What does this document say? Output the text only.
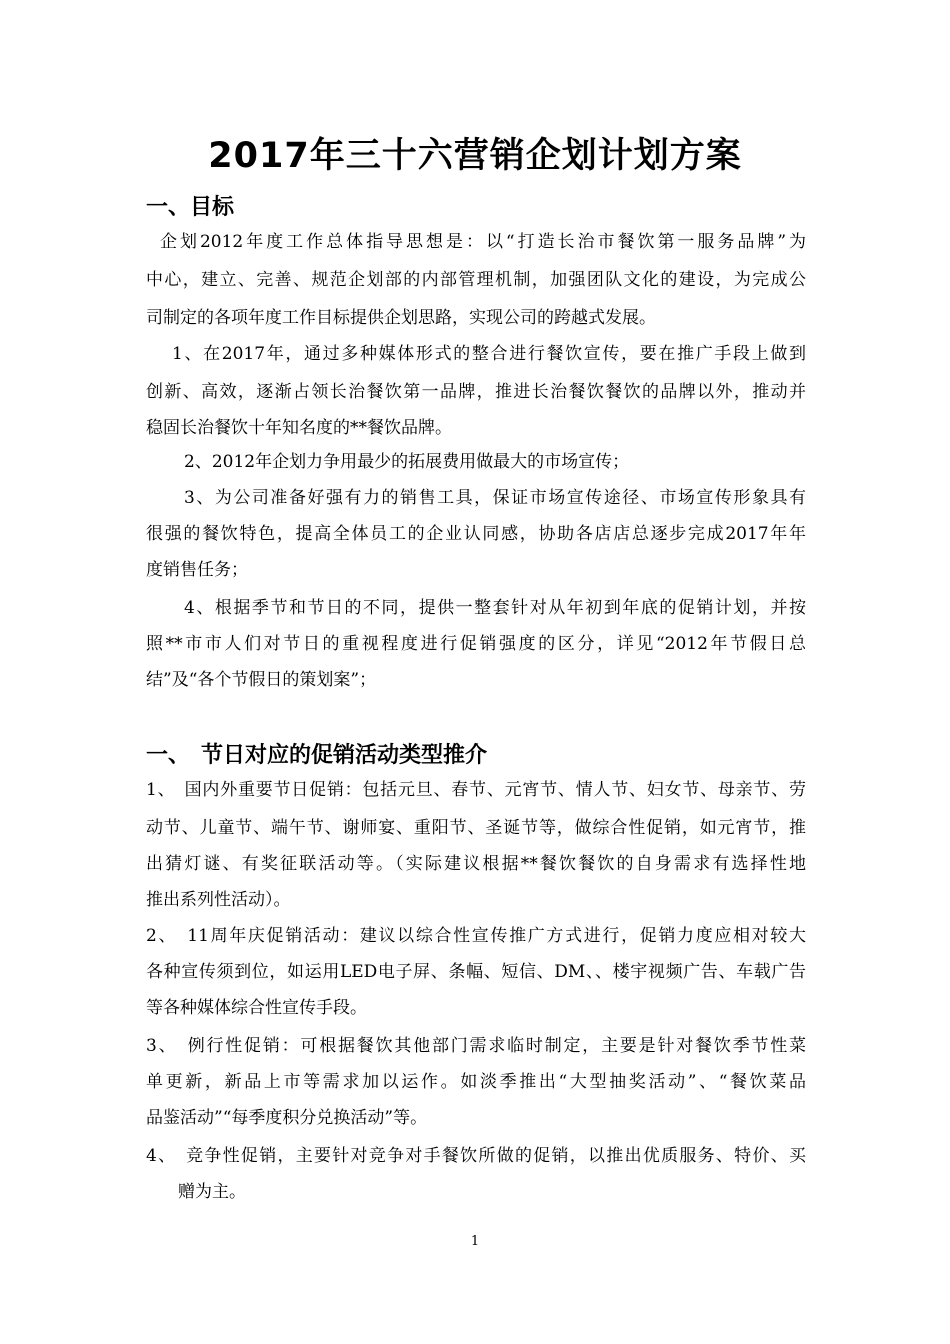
2017年三十六营销企划计划方案
一、目标
企划2012年度工作总体指导思想是：以“打造长治市餐饮第一服务品牌”为
中心，建立、完善、规范企划部的内部管理机制，加强团队文化的建设，为完成公
司制定的各项年度工作目标提供企划思路，实现公司的跨越式发展。
1、在2017年，通过多种媒体形式的整合进行餐饮宣传，要在推广手段上做到
创新、高效，逐渐占领长治餐饮第一品牌，推进长治餐饮餐饮的品牌以外，推动并
稳固长治餐饮十年知名度的**餐饮品牌。
2、2012年企划力争用最少的拓展费用做最大的市场宣传；
3、为公司准备好强有力的销售工具，保证市场宣传途径、市场宣传形象具有
很强的餐饮特色，提高全体员工的企业认同感，协助各店店总逐步完成2017年年
度销售任务；
4、根据季节和节日的不同，提供一整套针对从年初到年底的促销计划，并按
照**市市人们对节日的重视程度进行促销强度的区分，详见“2012年节假日总
结”及“各个节假日的策划案”；
一、　节日对应的促销活动类型推介
1、　国内外重要节日促销：包括元旦、春节、元宵节、情人节、妇女节、母亲节、劳
动节、儿童节、端午节、谢师宴、重阳节、圣诞节等，做综合性促销，如元宵节，推
出猜灯谜、有奖征联活动等。（实际建议根据**餐饮餐饮的自身需求有选择性地
推出系列性活动）。
2、　11周年庆促销活动：建议以综合性宣传推广方式进行，促销力度应相对较大
各种宣传须到位，如运用LED电子屏、条幅、短信、DM、、楼宇视频广告、车载广告
等各种媒体综合性宣传手段。
3、　例行性促销：可根据餐饮其他部门需求临时制定，主要是针对餐饮季节性菜
单更新，新品上市等需求加以运作。如淡季推出“大型抽奖活动”、“餐饮菜品
品鉴活动”“每季度积分兑换活动”等。
4、　竞争性促销，主要针对竞争对手餐饮所做的促销，以推出优质服务、特价、买
赠为主。
1
